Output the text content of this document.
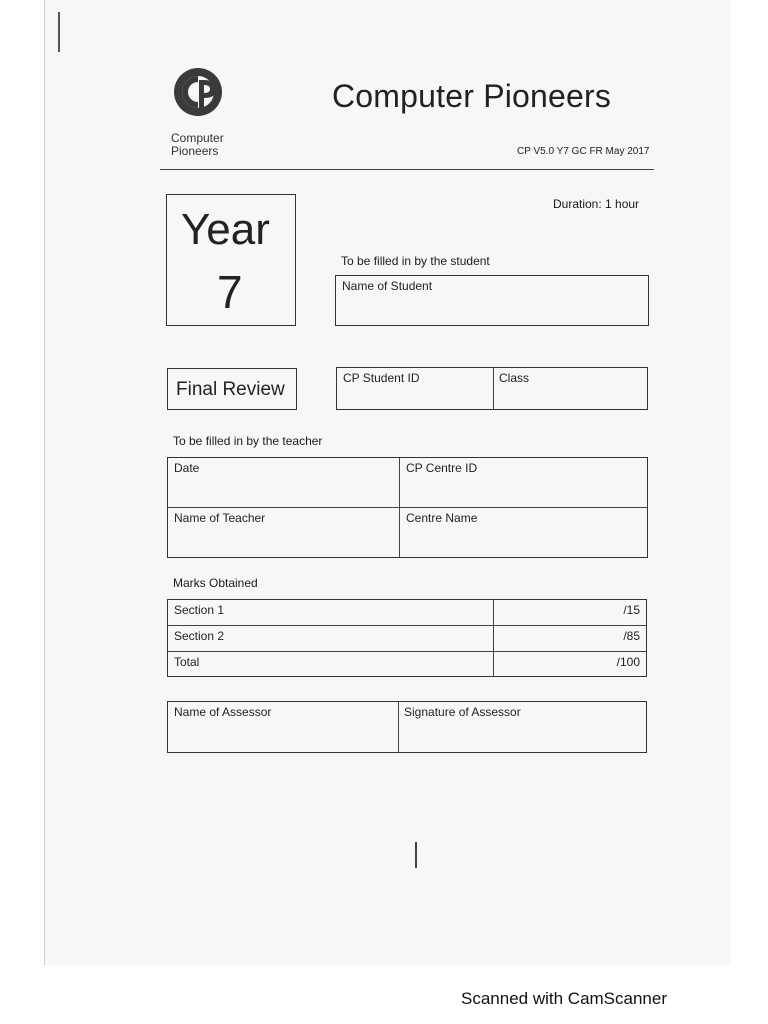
Computer
Pioneers
Computer Pioneers
CP V5.0 Y7 GC FR May 2017
Duration: 1 hour
Year
7
Final Review
To be filled in by the student
Name of Student
CP Student ID	Class
To be filled in by the teacher
Date	CP Centre ID
Name of Teacher	Centre Name
Marks Obtained
Section 1	/15
Section 2	/85
Total	/100
Name of Assessor	Signature of Assessor
Scanned with CamScanner
